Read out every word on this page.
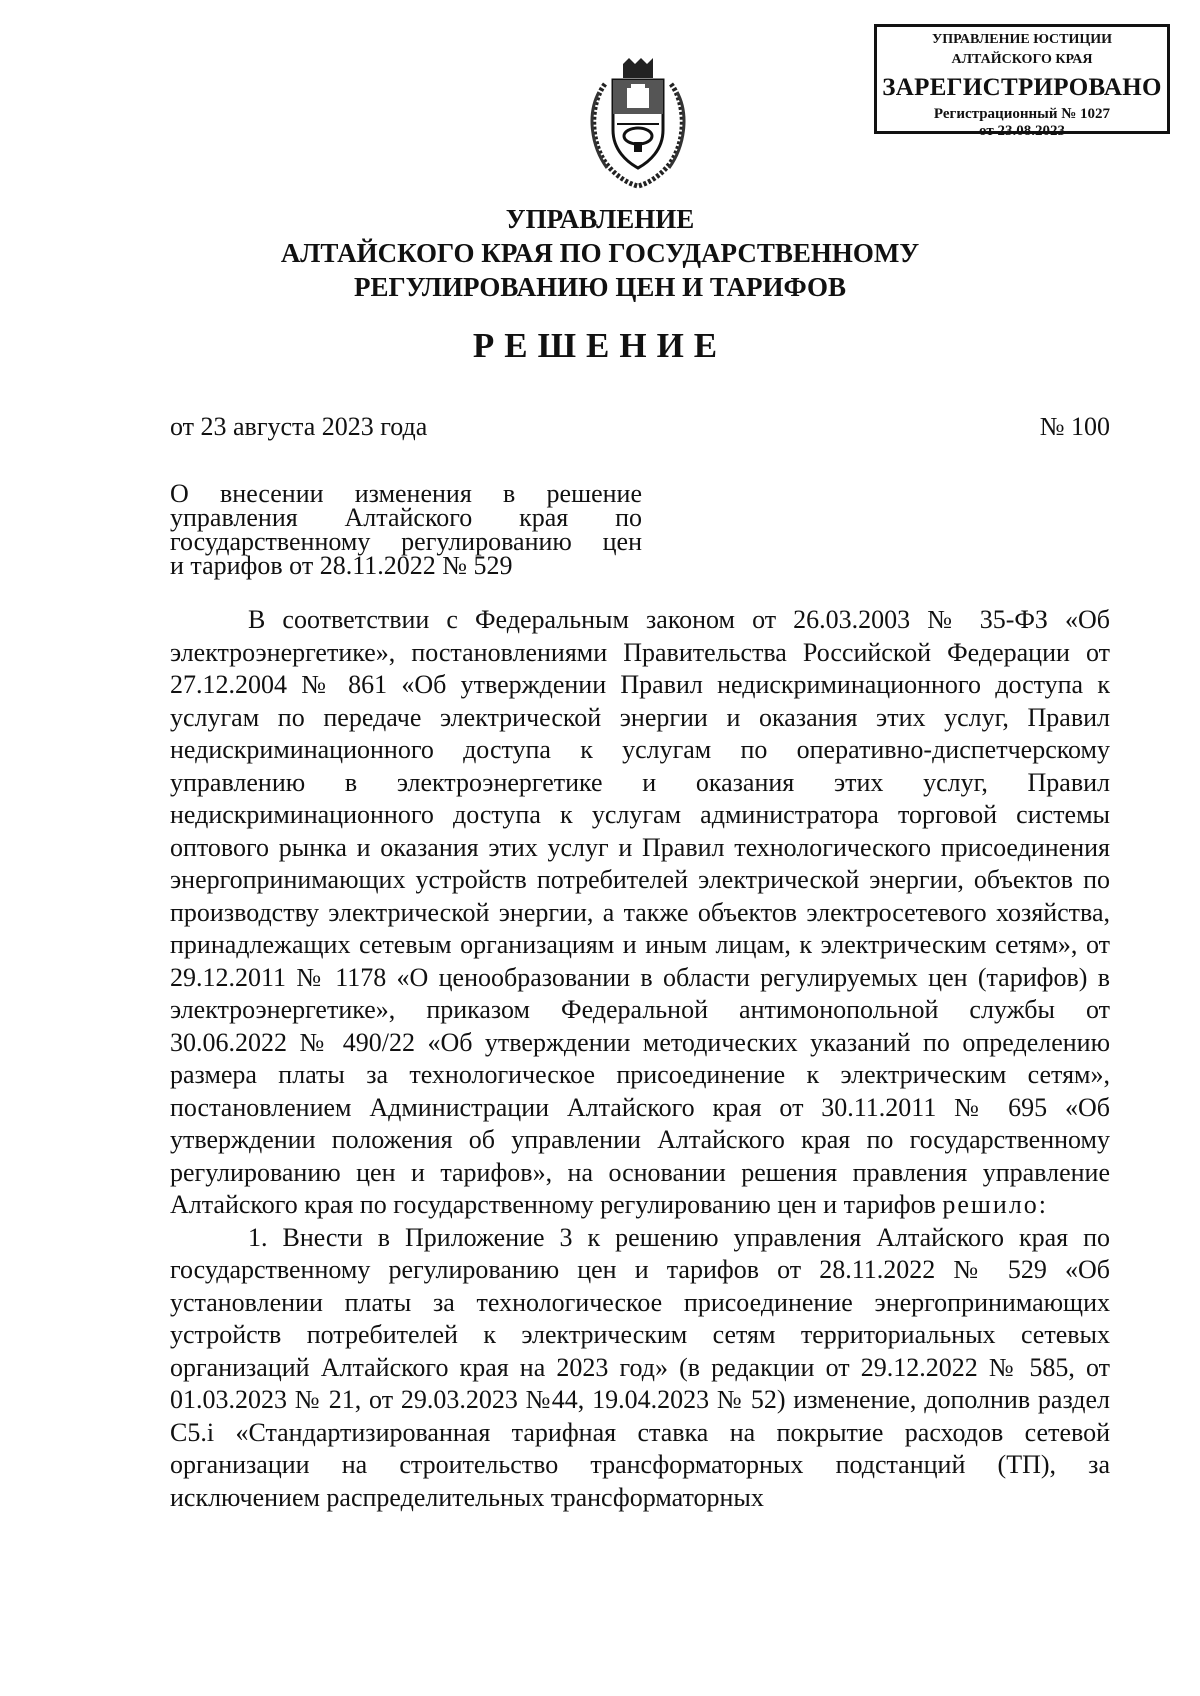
УПРАВЛЕНИЕ ЮСТИЦИИ
АЛТАЙСКОГО КРАЯ
ЗАРЕГИСТРИРОВАНО
Регистрационный № 1027
от 23.08.2023
УПРАВЛЕНИЕ
АЛТАЙСКОГО КРАЯ ПО ГОСУДАРСТВЕННОМУ
РЕГУЛИРОВАНИЮ ЦЕН И ТАРИФОВ
РЕШЕНИЕ
от 23 августа 2023 года	№ 100
О внесении изменения в решение
управления Алтайского края по
государственному регулированию цен
и тарифов от 28.11.2022 № 529

В соответствии с Федеральным законом от 26.03.2003 № 35-ФЗ «Об электроэнергетике», постановлениями Правительства Российской Федерации от 27.12.2004 № 861 «Об утверждении Правил недискриминационного доступа к услугам по передаче электрической энергии и оказания этих услуг, Правил недискриминационного доступа к услугам по оперативно-диспетчерскому управлению в электроэнергетике и оказания этих услуг, Правил недискриминационного доступа к услугам администратора торговой системы оптового рынка и оказания этих услуг и Правил технологического присоединения энергопринимающих устройств потребителей электрической энергии, объектов по производству электрической энергии, а также объектов электросетевого хозяйства, принадлежащих сетевым организациям и иным лицам, к электрическим сетям», от 29.12.2011 № 1178 «О ценообразовании в области регулируемых цен (тарифов) в электроэнергетике», приказом Федеральной антимонопольной службы от 30.06.2022 № 490/22 «Об утверждении методических указаний по определению размера платы за технологическое присоединение к электрическим сетям», постановлением Администрации Алтайского края от 30.11.2011 № 695 «Об утверждении положения об управлении Алтайского края по государственному регулированию цен и тарифов», на основании решения правления управление Алтайского края по государственному регулированию цен и тарифов решило:

1. Внести в Приложение 3 к решению управления Алтайского края по государственному регулированию цен и тарифов от 28.11.2022 № 529 «Об установлении платы за технологическое присоединение энергопринимающих устройств потребителей к электрическим сетям территориальных сетевых организаций Алтайского края на 2023 год» (в редакции от 29.12.2022 № 585, от 01.03.2023 № 21, от 29.03.2023 №44, 19.04.2023 № 52) изменение, дополнив раздел C5.i «Стандартизированная тарифная ставка на покрытие расходов сетевой организации на строительство трансформаторных подстанций (ТП), за исключением распределительных трансформаторных
